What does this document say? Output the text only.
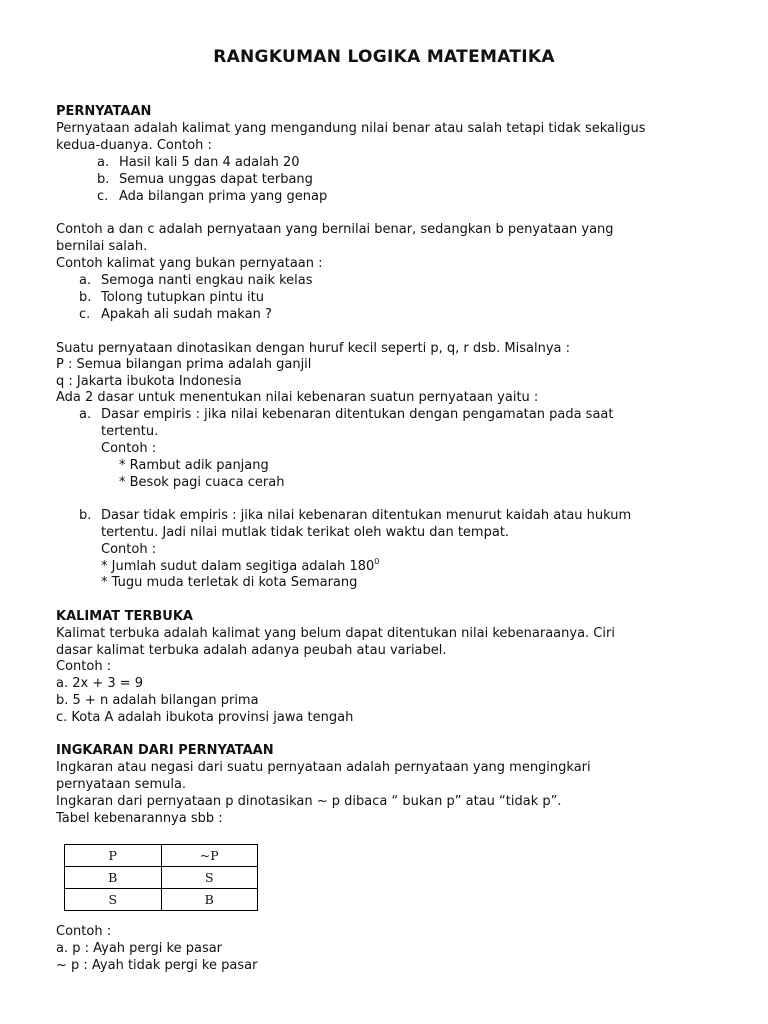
RANGKUMAN LOGIKA MATEMATIKA
PERNYATAAN
Pernyataan adalah kalimat yang mengandung nilai benar atau salah tetapi tidak sekaligus
kedua-duanya. Contoh :
a. Hasil kali 5 dan 4 adalah 20
b. Semua unggas dapat terbang
c. Ada bilangan prima yang genap
Contoh a dan c adalah pernyataan yang bernilai benar, sedangkan b penyataan yang
bernilai salah.
Contoh kalimat yang bukan pernyataan :
a. Semoga nanti engkau naik kelas
b. Tolong tutupkan pintu itu
c. Apakah ali sudah makan ?
Suatu pernyataan dinotasikan dengan huruf kecil seperti p, q, r dsb. Misalnya :
P : Semua bilangan prima adalah ganjil
q : Jakarta ibukota Indonesia
Ada 2 dasar untuk menentukan nilai kebenaran suatun pernyataan yaitu :
a. Dasar empiris : jika nilai kebenaran ditentukan dengan pengamatan pada saat
tertentu.
Contoh :
* Rambut adik panjang
* Besok pagi cuaca cerah
b. Dasar tidak empiris : jika nilai kebenaran ditentukan menurut kaidah atau hukum
tertentu. Jadi nilai mutlak tidak terikat oleh waktu dan tempat.
Contoh :
* Jumlah sudut dalam segitiga adalah $180^0$
* Tugu muda terletak di kota Semarang
KALIMAT TERBUKA
Kalimat terbuka adalah kalimat yang belum dapat ditentukan nilai kebenaraanya. Ciri
dasar kalimat terbuka adalah adanya peubah atau variabel.
Contoh :
a. 2x + 3 = 9
b. 5 + n adalah bilangan prima
c. Kota A adalah ibukota provinsi jawa tengah
INGKARAN DARI PERNYATAAN
Ingkaran atau negasi dari suatu pernyataan adalah pernyataan yang mengingkari
pernyataan semula.
Ingkaran dari pernyataan p dinotasikan ~ p dibaca “ bukan p” atau “tidak p”.
Tabel kebenarannya sbb :
P	~P
B	S
S	B
Contoh :
a. p : Ayah pergi ke pasar
~ p : Ayah tidak pergi ke pasar
